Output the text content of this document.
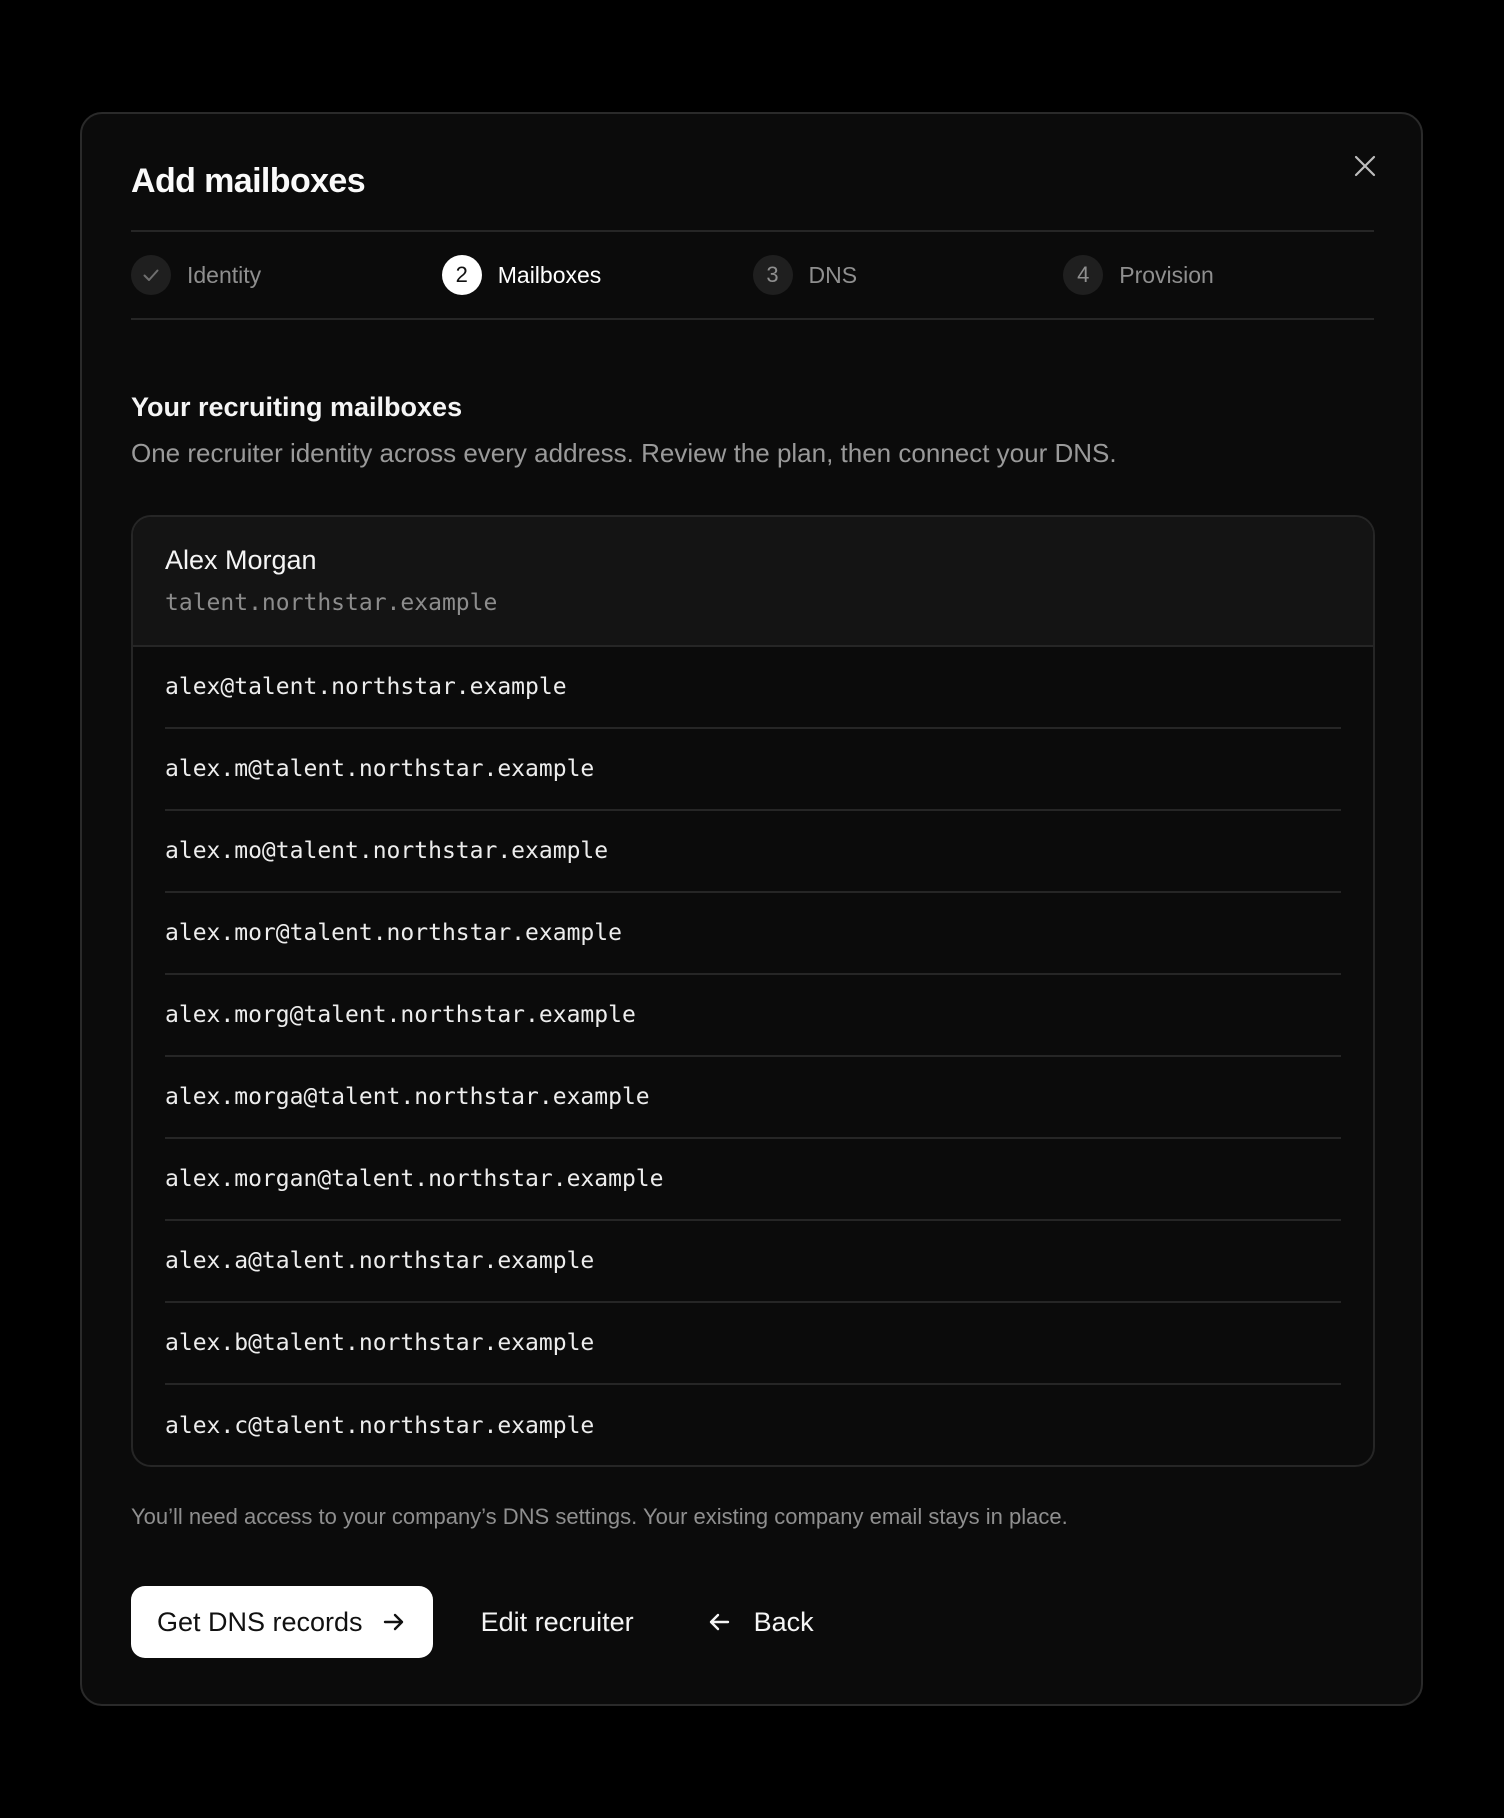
Add mailboxes
Identity	2	Mailboxes	3	DNS	4	Provision
Your recruiting mailboxes

One recruiter identity across every address. Review the plan, then connect your DNS.

Alex Morgan
talent.northstar.example
alex@talent.northstar.example
alex.m@talent.northstar.example
alex.mo@talent.northstar.example
alex.mor@talent.northstar.example
alex.morg@talent.northstar.example
alex.morga@talent.northstar.example
alex.morgan@talent.northstar.example
alex.a@talent.northstar.example
alex.b@talent.northstar.example
alex.c@talent.northstar.example

You’ll need access to your company’s DNS settings. Your existing company email stays in place.

Get DNS records	Edit recruiter	Back
